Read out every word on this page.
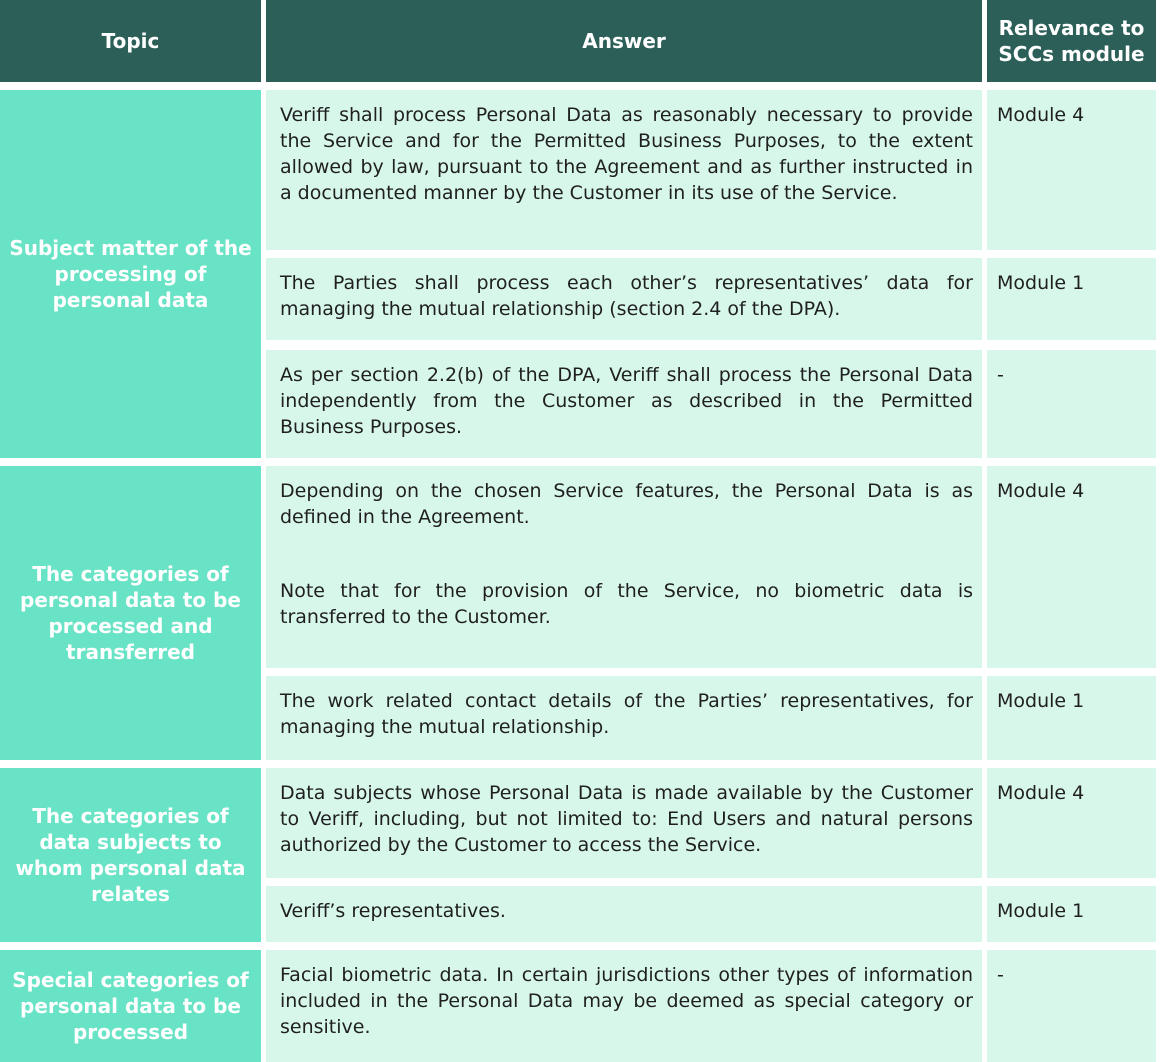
Topic	Answer
Relevance to SCCs module
Subject matter of the processing of personal data

Veriff shall process Personal Data as reasonably necessary to provide the Service and for the Permitted Business Purposes, to the extent allowed by law, pursuant to the Agreement and as further instructed in a documented manner by the Customer in its use of the Service.

Module 4

The Parties shall process each other’s representatives’ data for managing the mutual relationship (section 2.4 of the DPA).

Module 1

As per section 2.2(b) of the DPA, Veriff shall process the Personal Data independently from the Customer as described in the Permitted Business Purposes.

-
The categories of personal data to be processed and transferred

Depending on the chosen Service features, the Personal Data is as defined in the Agreement.

Note that for the provision of the Service, no biometric data is transferred to the Customer.

Module 4

The work related contact details of the Parties’ representatives, for managing the mutual relationship.

Module 1
The categories of data subjects to whom personal data relates

Data subjects whose Personal Data is made available by the Customer to Veriff, including, but not limited to: End Users and natural persons authorized by the Customer to access the Service.

Module 4

Veriff’s representatives.	Module 1
Special categories of personal data to be processed

Facial biometric data. In certain jurisdictions other types of information included in the Personal Data may be deemed as special category or sensitive.

-
